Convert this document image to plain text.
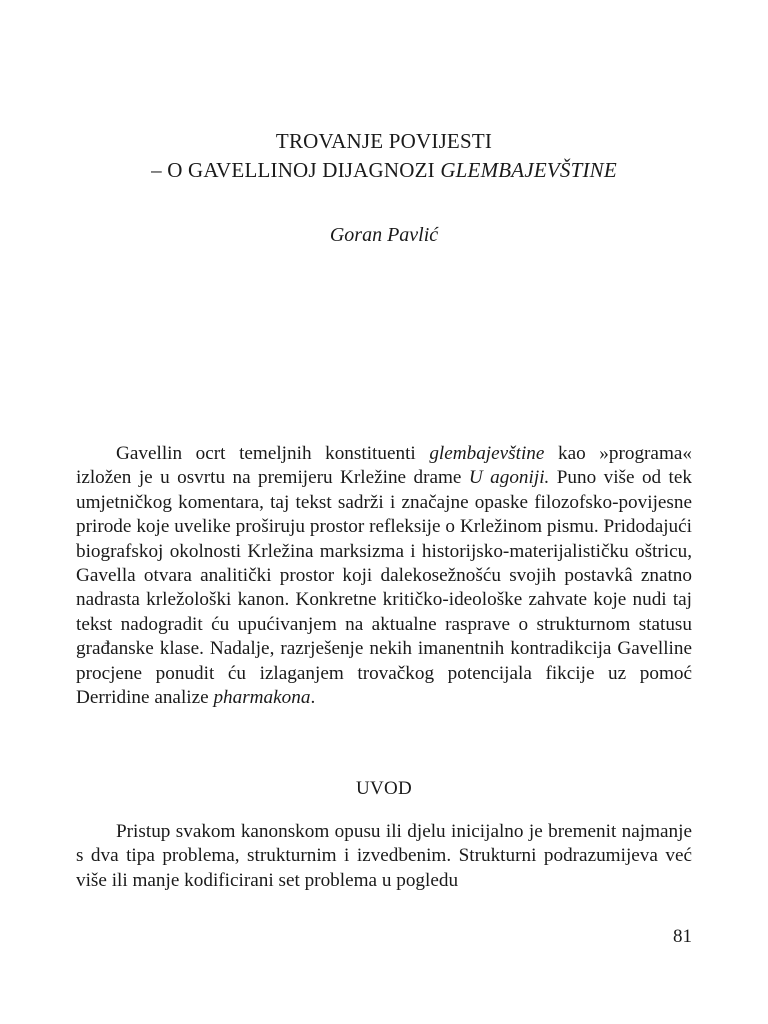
TROVANJE POVIJESTI
– O GAVELLINOJ DIJAGNOZI GLEMBAJEVŠTINE
Goran Pavlić

Gavellin ocrt temeljnih konstituenti glembajevštine kao »programa« izložen je u osvrtu na premijeru Krležine drame U agoniji. Puno više od tek umjetničkog komentara, taj tekst sadrži i značajne opaske filozofsko-povijesne prirode koje uvelike proširuju prostor refleksije o Krležinom pismu. Pridodajući biografskoj okolnosti Krležina marksizma i historijsko-materijalističku oštricu, Gavella otvara analitički prostor koji dalekosežnošću svojih postavkâ znatno nadrasta krležološki kanon. Konkretne kritičko-ideološke zahvate koje nudi taj tekst nadogradit ću upućivanjem na aktualne rasprave o strukturnom statusu građanske klase. Nadalje, razrješenje nekih imanentnih kontradikcija Gavelline procjene ponudit ću izlaganjem trovačkog potencijala fikcije uz pomoć Derridine analize pharmakona.

UVOD

Pristup svakom kanonskom opusu ili djelu inicijalno je bremenit najmanje s dva tipa problema, strukturnim i izvedbenim. Strukturni podrazumijeva već više ili manje kodificirani set problema u pogledu

81
